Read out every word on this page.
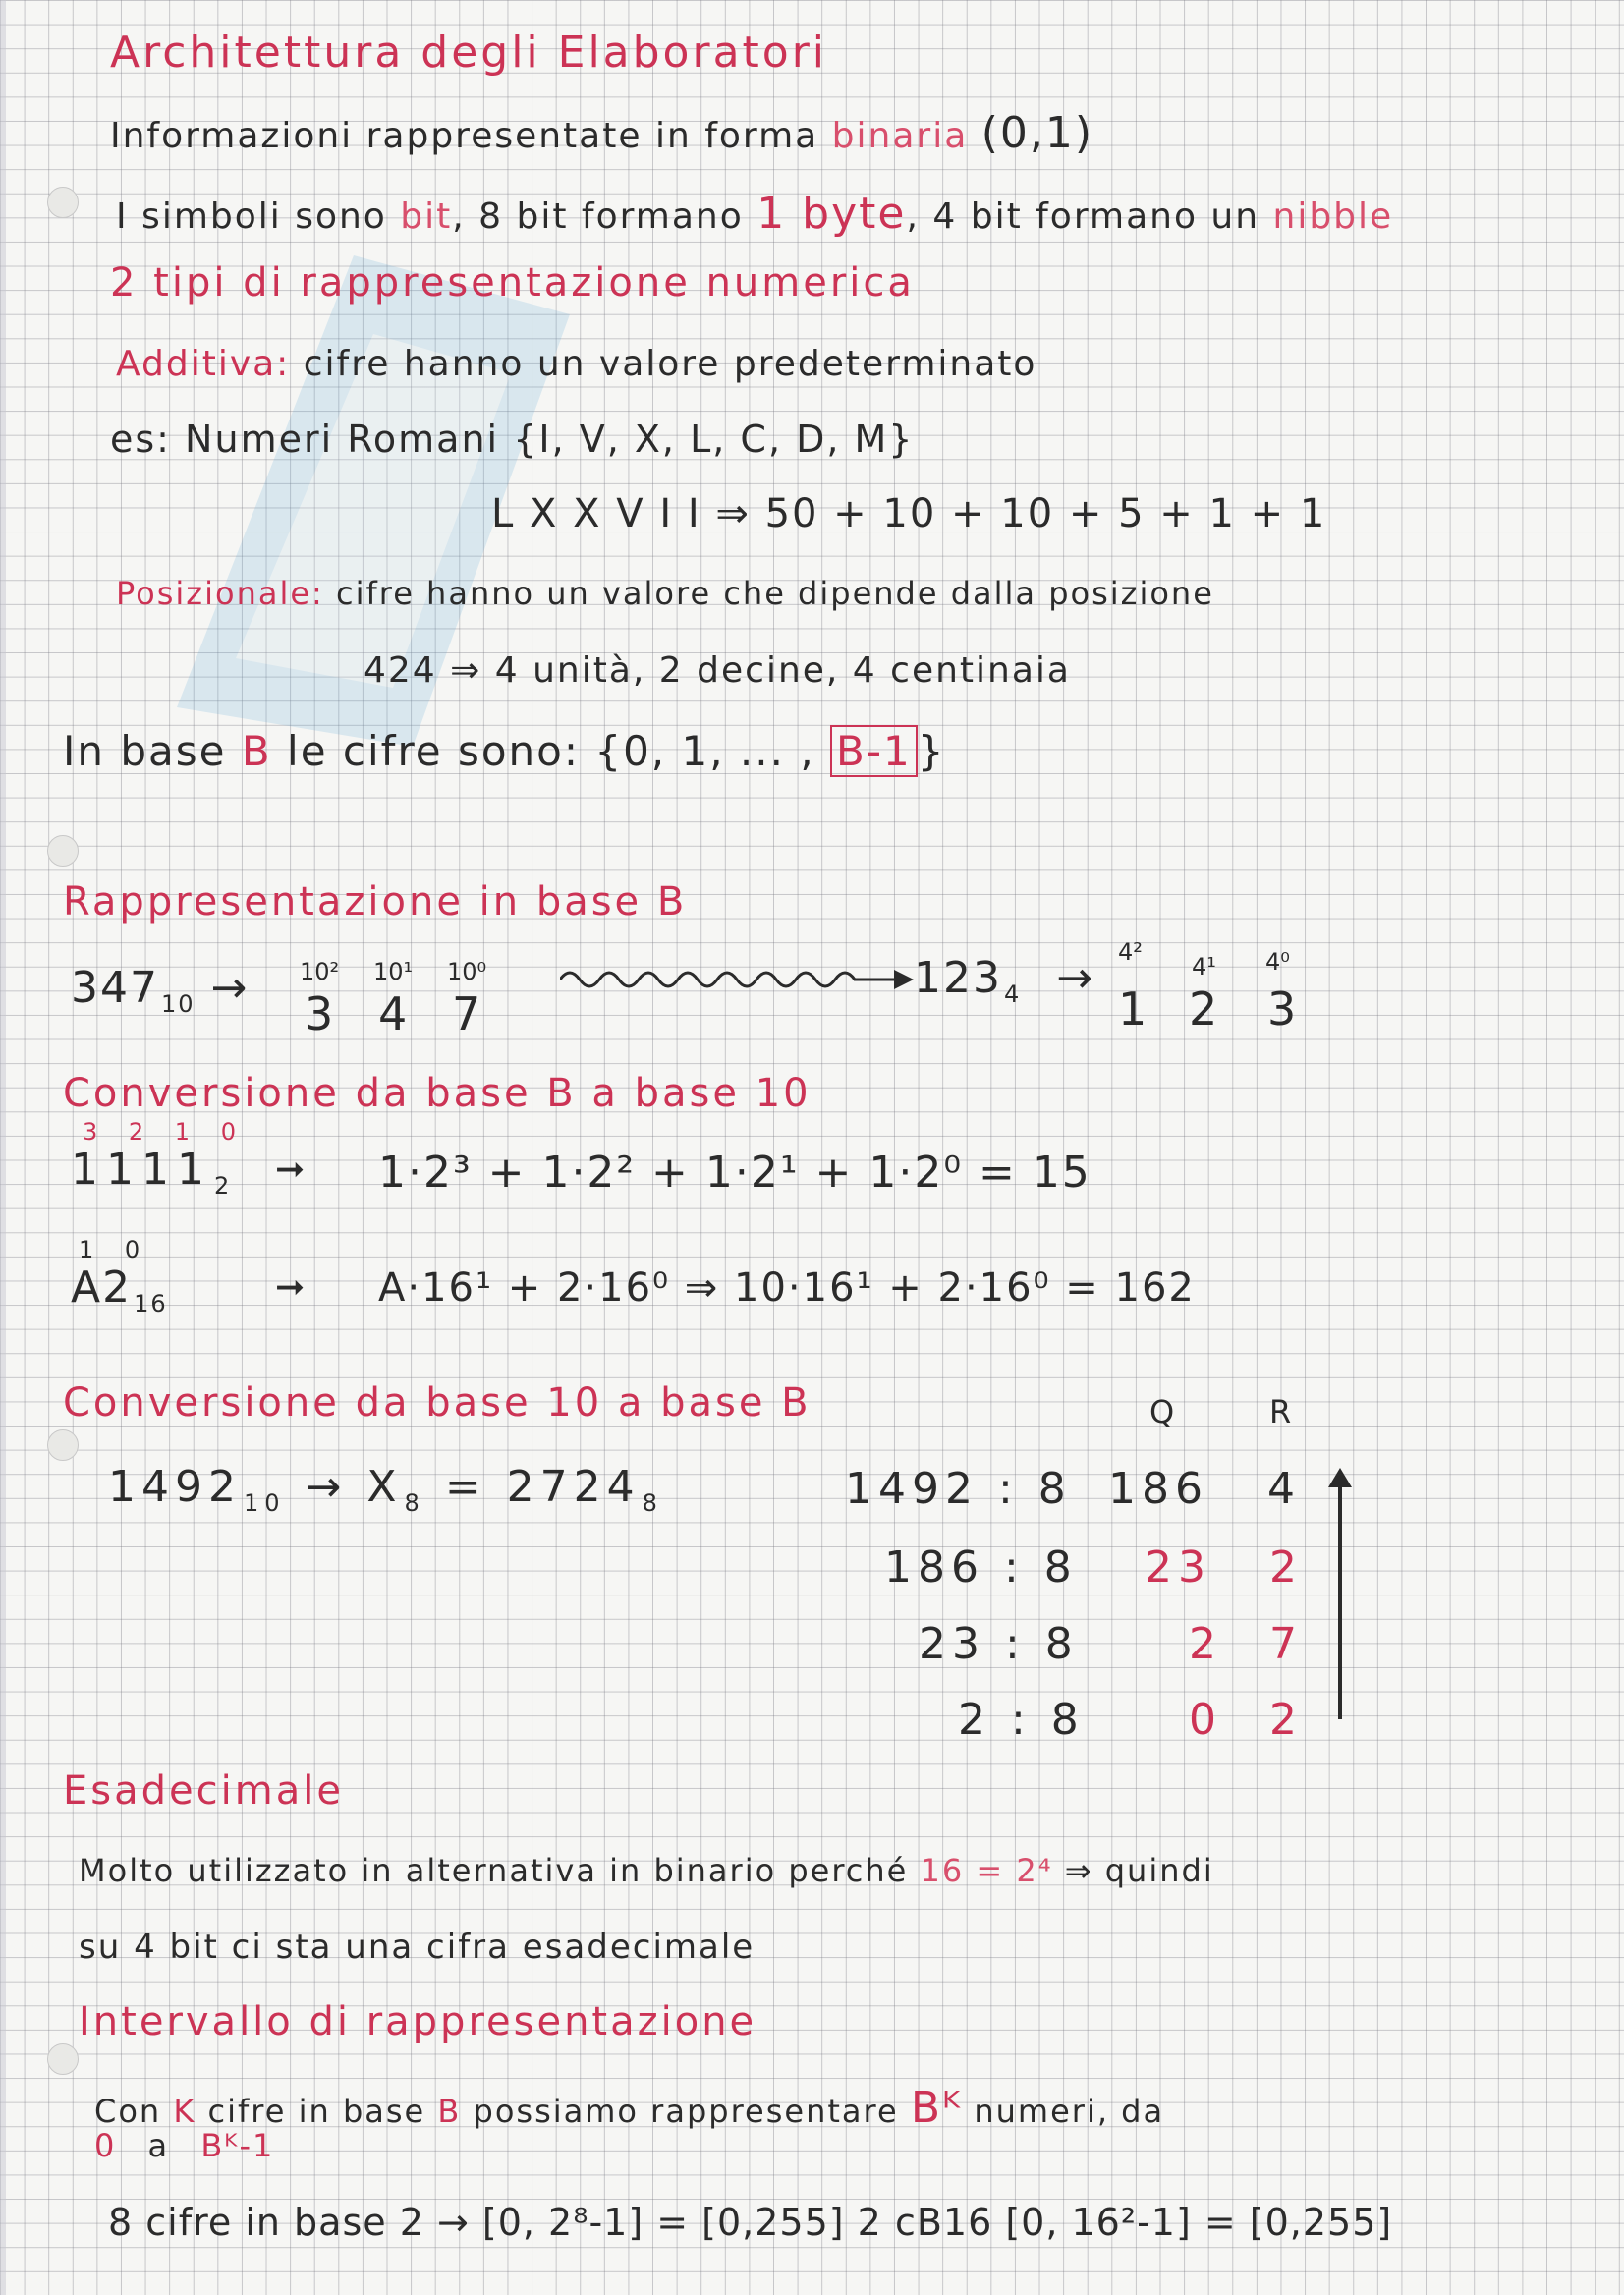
Architettura degli Elaboratori
Informazioni rappresentate in forma binaria (0,1)
I simboli sono bit, 8 bit formano 1 byte, 4 bit formano un nibble
2 tipi di rappresentazione numerica
Additiva: cifre hanno un valore predeterminato
es: Numeri Romani {I, V, X, L, C, D, M}
L X X V I I ⇒ 50 + 10 + 10 + 5 + 1 + 1
Posizionale: cifre hanno un valore che dipende dalla posizione
424 ⇒ 4 unità, 2 decine, 4 centinaia
In base B le cifre sono: {0, 1, ... , B-1 }
Rappresentazione in base B
$347_{10} \to 10^2$ 10¹ 10⁰
3 4 7
$123_4$ →
4²
4¹ 4⁰
1 2 3
Conversione da base B a base 10
3 2 1 0
$1111_2$ ➞ 1·2³ + 1·2² + 1·2¹ + 1·2⁰ = 15
1 0
$A2_{16}$	➞ A·16¹ + 2·16⁰ ⇒ 10·16¹ + 2·16⁰ = 162
Conversione da base 10 a base B	Q	R
$1492_{10} \to X_8 = 2724_8$	1492 : 8 186 4
186 : 8 23 2
23 : 8	2 7
2 : 8 0 2
Esadecimale
Molto utilizzato in alternativa in binario perché 16 = 2⁴ ⇒ quindi
su 4 bit ci sta una cifra esadecimale
Intervallo di rappresentazione
Con K cifre in base B possiamo rappresentare Bᴷ numeri, da
0 a Bᴷ-1
8 cifre in base 2 → [0, 2⁸-1] = [0,255] 2 cB16 [0, 16²-1] = [0,255]
